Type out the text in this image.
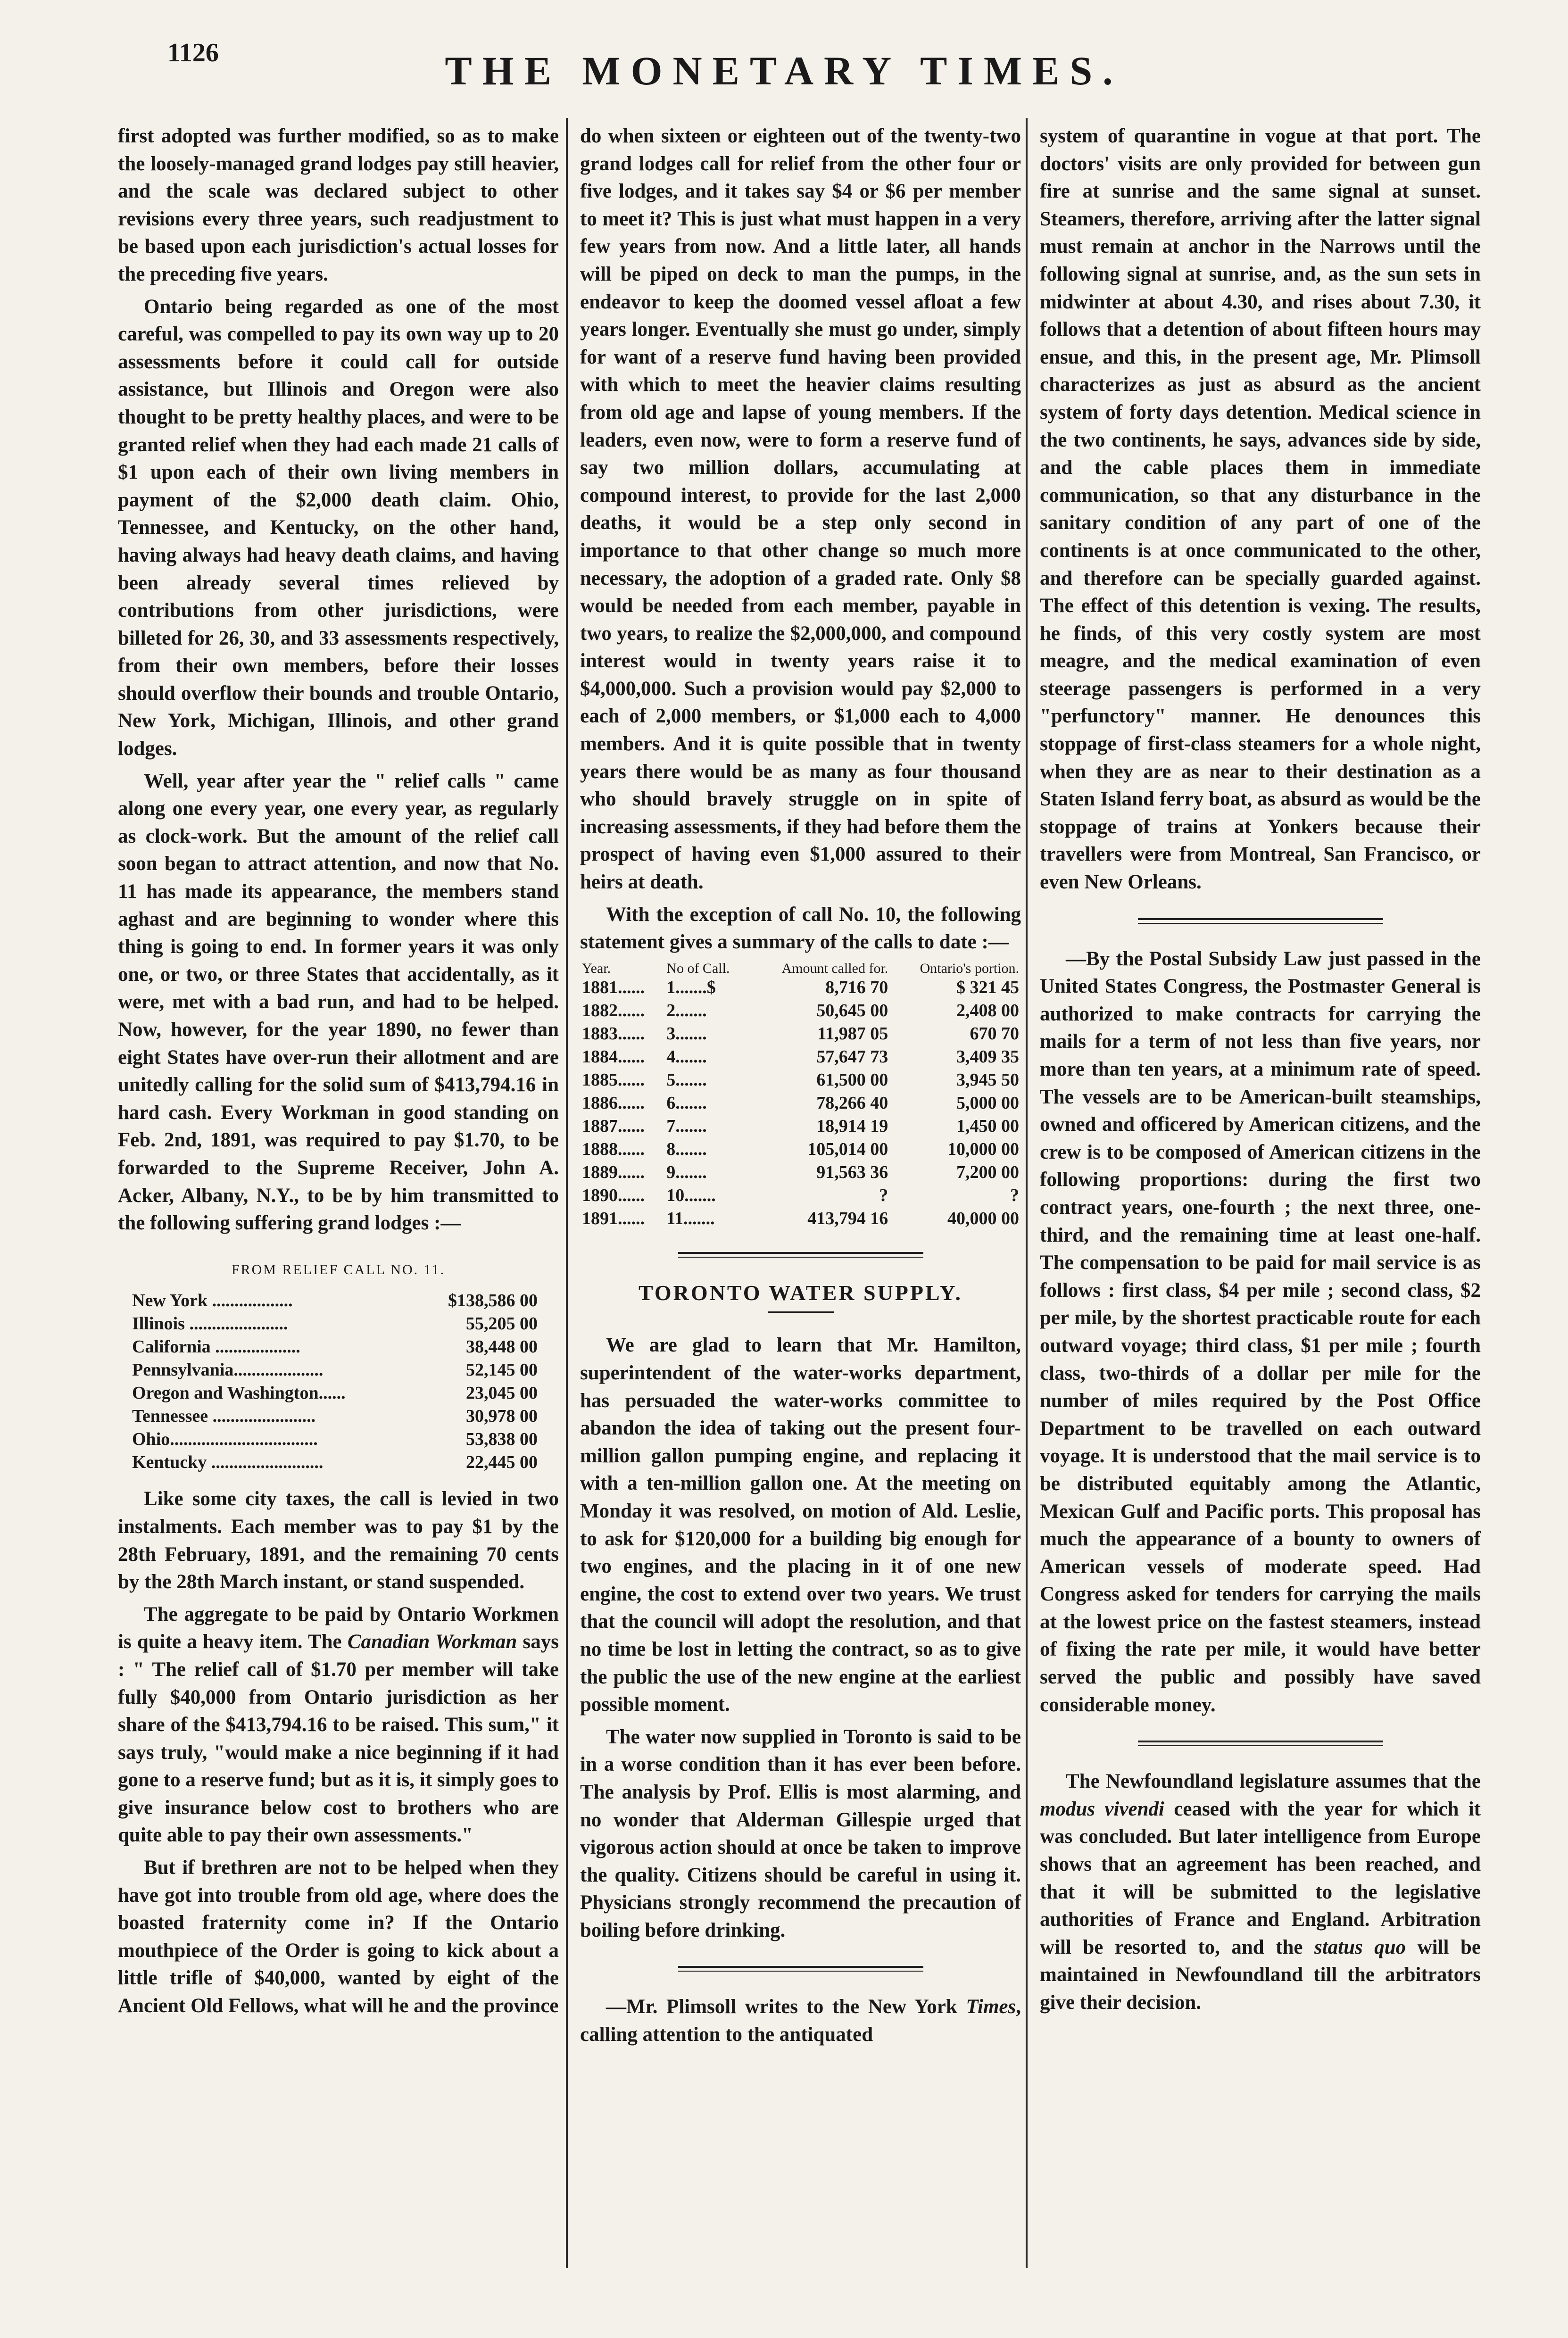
1126	THE MONETARY TIMES.

first adopted was further modified, so as to make the loosely-managed grand lodges pay still heavier, and the scale was declared subject to other revisions every three years, such readjustment to be based upon each jurisdiction's actual losses for the preceding five years.

Ontario being regarded as one of the most careful, was compelled to pay its own way up to 20 assessments before it could call for outside assistance, but Illinois and Oregon were also thought to be pretty healthy places, and were to be granted relief when they had each made 21 calls of $1 upon each of their own living members in payment of the $2,000 death claim. Ohio, Tennessee, and Kentucky, on the other hand, having always had heavy death claims, and having been already several times relieved by contributions from other jurisdictions, were billeted for 26, 30, and 33 assessments respectively, from their own members, before their losses should overflow their bounds and trouble Ontario, New York, Michigan, Illinois, and other grand lodges.

Well, year after year the " relief calls " came along one every year, one every year, as regularly as clock-work. But the amount of the relief call soon began to attract attention, and now that No. 11 has made its appearance, the members stand aghast and are beginning to wonder where this thing is going to end. In former years it was only one, or two, or three States that accidentally, as it were, met with a bad run, and had to be helped. Now, however, for the year 1890, no fewer than eight States have over-run their allotment and are unitedly calling for the solid sum of $413,794.16 in hard cash. Every Workman in good standing on Feb. 2nd, 1891, was required to pay $1.70, to be forwarded to the Supreme Receiver, John A. Acker, Albany, N.Y., to be by him transmitted to the following suffering grand lodges :—

FROM RELIEF CALL NO. 11.
New York ..................	$138,586 00
Illinois ......................	55,205 00
California ...................	38,448 00
Pennsylvania....................	52,145 00
Oregon and Washington......	23,045 00
Tennessee .......................	30,978 00
Ohio.................................	53,838 00
Kentucky .........................	22,445 00

Like some city taxes, the call is levied in two instalments. Each member was to pay $1 by the 28th February, 1891, and the remaining 70 cents by the 28th March instant, or stand suspended.

The aggregate to be paid by Ontario Workmen is quite a heavy item. The Canadian Workman says : " The relief call of $1.70 per member will take fully $40,000 from Ontario jurisdiction as her share of the $413,794.16 to be raised. This sum," it says truly, "would make a nice beginning if it had gone to a reserve fund; but as it is, it simply goes to give insurance below cost to brothers who are quite able to pay their own assessments."

But if brethren are not to be helped when they have got into trouble from old age, where does the boasted fraternity come in? If the Ontario mouthpiece of the Order is going to kick about a little trifle of $40,000, wanted by eight of the Ancient Old Fellows, what will he and the province

do when sixteen or eighteen out of the twenty-two grand lodges call for relief from the other four or five lodges, and it takes say $4 or $6 per member to meet it? This is just what must happen in a very few years from now. And a little later, all hands will be piped on deck to man the pumps, in the endeavor to keep the doomed vessel afloat a few years longer. Eventually she must go under, simply for want of a reserve fund having been provided with which to meet the heavier claims resulting from old age and lapse of young members. If the leaders, even now, were to form a reserve fund of say two million dollars, accumulating at compound interest, to provide for the last 2,000 deaths, it would be a step only second in importance to that other change so much more necessary, the adoption of a graded rate. Only $8 would be needed from each member, payable in two years, to realize the $2,000,000, and compound interest would in twenty years raise it to $4,000,000. Such a provision would pay $2,000 to each of 2,000 members, or $1,000 each to 4,000 members. And it is quite possible that in twenty years there would be as many as four thousand who should bravely struggle on in spite of increasing assessments, if they had before them the prospect of having even $1,000 assured to their heirs at death.

With the exception of call No. 10, the following statement gives a summary of the calls to date :—

Year.	No of Call.	Amount called for.	Ontario's portion.
1881......	1.......$	8,716 70	$ 321 45
1882......	2.......	50,645 00	2,408 00
1883......	3.......	11,987 05	670 70
1884......	4.......	57,647 73	3,409 35
1885......	5.......	61,500 00	3,945 50
1886......	6.......	78,266 40	5,000 00
1887......	7.......	18,914 19	1,450 00
1888......	8.......	105,014 00	10,000 00
1889......	9.......	91,563 36	7,200 00
1890......	10.......	?	?
1891......	11.......	413,794 16	40,000 00
TORONTO WATER SUPPLY.

We are glad to learn that Mr. Hamilton, superintendent of the water-works department, has persuaded the water-works committee to abandon the idea of taking out the present four-million gallon pumping engine, and replacing it with a ten-million gallon one. At the meeting on Monday it was resolved, on motion of Ald. Leslie, to ask for $120,000 for a building big enough for two engines, and the placing in it of one new engine, the cost to extend over two years. We trust that the council will adopt the resolution, and that no time be lost in letting the contract, so as to give the public the use of the new engine at the earliest possible moment.

The water now supplied in Toronto is said to be in a worse condition than it has ever been before. The analysis by Prof. Ellis is most alarming, and no wonder that Alderman Gillespie urged that vigorous action should at once be taken to improve the quality. Citizens should be careful in using it. Physicians strongly recommend the precaution of boiling before drinking.

—Mr. Plimsoll writes to the New York Times, calling attention to the antiquated

system of quarantine in vogue at that port. The doctors' visits are only provided for between gun fire at sunrise and the same signal at sunset. Steamers, therefore, arriving after the latter signal must remain at anchor in the Narrows until the following signal at sunrise, and, as the sun sets in midwinter at about 4.30, and rises about 7.30, it follows that a detention of about fifteen hours may ensue, and this, in the present age, Mr. Plimsoll characterizes as just as absurd as the ancient system of forty days detention. Medical science in the two continents, he says, advances side by side, and the cable places them in immediate communication, so that any disturbance in the sanitary condition of any part of one of the continents is at once communicated to the other, and therefore can be specially guarded against. The effect of this detention is vexing. The results, he finds, of this very costly system are most meagre, and the medical examination of even steerage passengers is performed in a very "perfunctory" manner. He denounces this stoppage of first-class steamers for a whole night, when they are as near to their destination as a Staten Island ferry boat, as absurd as would be the stoppage of trains at Yonkers because their travellers were from Montreal, San Francisco, or even New Orleans.

—By the Postal Subsidy Law just passed in the United States Congress, the Postmaster General is authorized to make contracts for carrying the mails for a term of not less than five years, nor more than ten years, at a minimum rate of speed. The vessels are to be American-built steamships, owned and officered by American citizens, and the crew is to be composed of American citizens in the following proportions: during the first two contract years, one-fourth ; the next three, one-third, and the remaining time at least one-half. The compensation to be paid for mail service is as follows : first class, $4 per mile ; second class, $2 per mile, by the shortest practicable route for each outward voyage; third class, $1 per mile ; fourth class, two-thirds of a dollar per mile for the number of miles required by the Post Office Department to be travelled on each outward voyage. It is understood that the mail service is to be distributed equitably among the Atlantic, Mexican Gulf and Pacific ports. This proposal has much the appearance of a bounty to owners of American vessels of moderate speed. Had Congress asked for tenders for carrying the mails at the lowest price on the fastest steamers, instead of fixing the rate per mile, it would have better served the public and possibly have saved considerable money.

The Newfoundland legislature assumes that the modus vivendi ceased with the year for which it was concluded. But later intelligence from Europe shows that an agreement has been reached, and that it will be submitted to the legislative authorities of France and England. Arbitration will be resorted to, and the status quo will be maintained in Newfoundland till the arbitrators give their decision.
